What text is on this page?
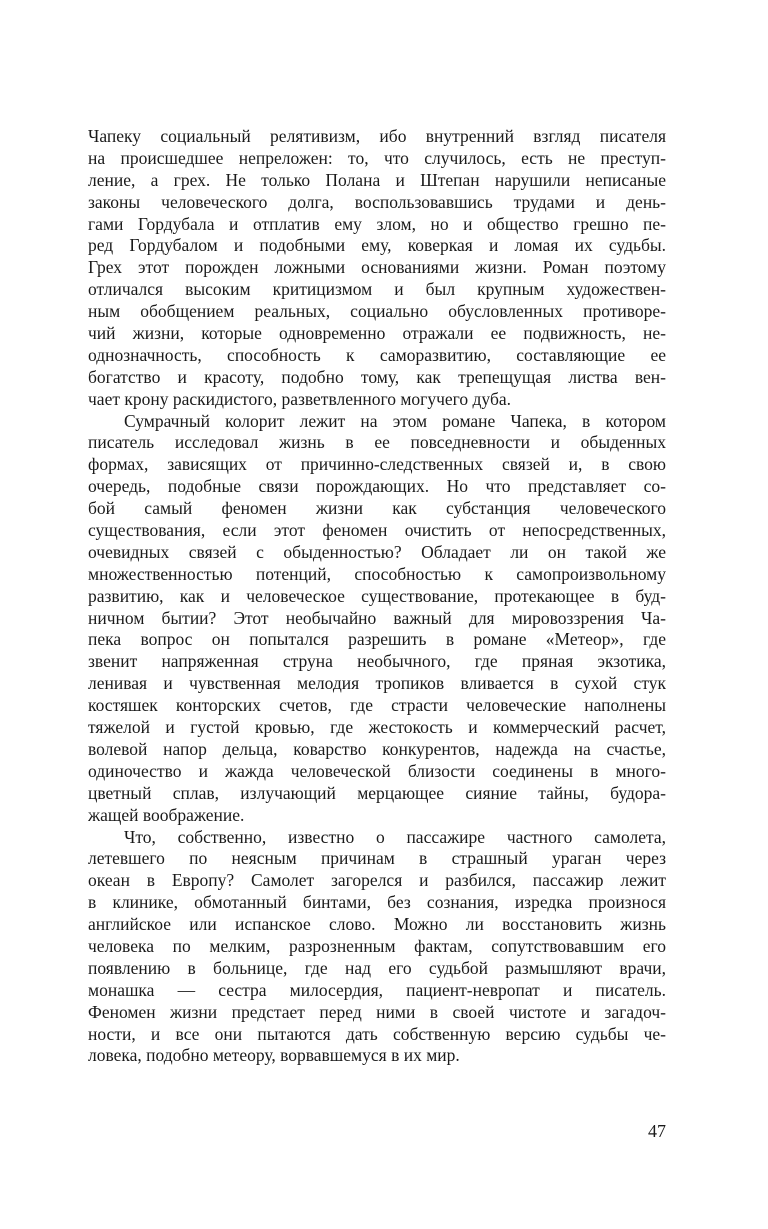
Чапеку социальный релятивизм, ибо внутренний взгляд писателя
на происшедшее непреложен: то, что случилось, есть не преступ-
ление, а грех. Не только Полана и Штепан нарушили неписаные
законы человеческого долга, воспользовавшись трудами и день-
гами Гордубала и отплатив ему злом, но и общество грешно пе-
ред Гордубалом и подобными ему, коверкая и ломая их судьбы.
Грех этот порожден ложными основаниями жизни. Роман поэтому
отличался высоким критицизмом и был крупным художествен-
ным обобщением реальных, социально обусловленных противоре-
чий жизни, которые одновременно отражали ее подвижность, не-
однозначность, способность к саморазвитию, составляющие ее
богатство и красоту, подобно тому, как трепещущая листва вен-
чает крону раскидистого, разветвленного могучего дуба.
Сумрачный колорит лежит на этом романе Чапека, в котором
писатель исследовал жизнь в ее повседневности и обыденных
формах, зависящих от причинно-следственных связей и, в свою
очередь, подобные связи порождающих. Но что представляет со-
бой самый феномен жизни как субстанция человеческого
существования, если этот феномен очистить от непосредственных,
очевидных связей с обыденностью? Обладает ли он такой же
множественностью потенций, способностью к самопроизвольному
развитию, как и человеческое существование, протекающее в буд-
ничном бытии? Этот необычайно важный для мировоззрения Ча-
пека вопрос он попытался разрешить в романе «Метеор», где
звенит напряженная струна необычного, где пряная экзотика,
ленивая и чувственная мелодия тропиков вливается в сухой стук
костяшек конторских счетов, где страсти человеческие наполнены
тяжелой и густой кровью, где жестокость и коммерческий расчет,
волевой напор дельца, коварство конкурентов, надежда на счастье,
одиночество и жажда человеческой близости соединены в много-
цветный сплав, излучающий мерцающее сияние тайны, будора-
жащей воображение.
Что, собственно, известно о пассажире частного самолета,
летевшего по неясным причинам в страшный ураган через
океан в Европу? Самолет загорелся и разбился, пассажир лежит
в клинике, обмотанный бинтами, без сознания, изредка произнося
английское или испанское слово. Можно ли восстановить жизнь
человека по мелким, разрозненным фактам, сопутствовавшим его
появлению в больнице, где над его судьбой размышляют врачи,
монашка — сестра милосердия, пациент-невропат и писатель.
Феномен жизни предстает перед ними в своей чистоте и загадоч-
ности, и все они пытаются дать собственную версию судьбы че-
ловека, подобно метеору, ворвавшемуся в их мир.
47
